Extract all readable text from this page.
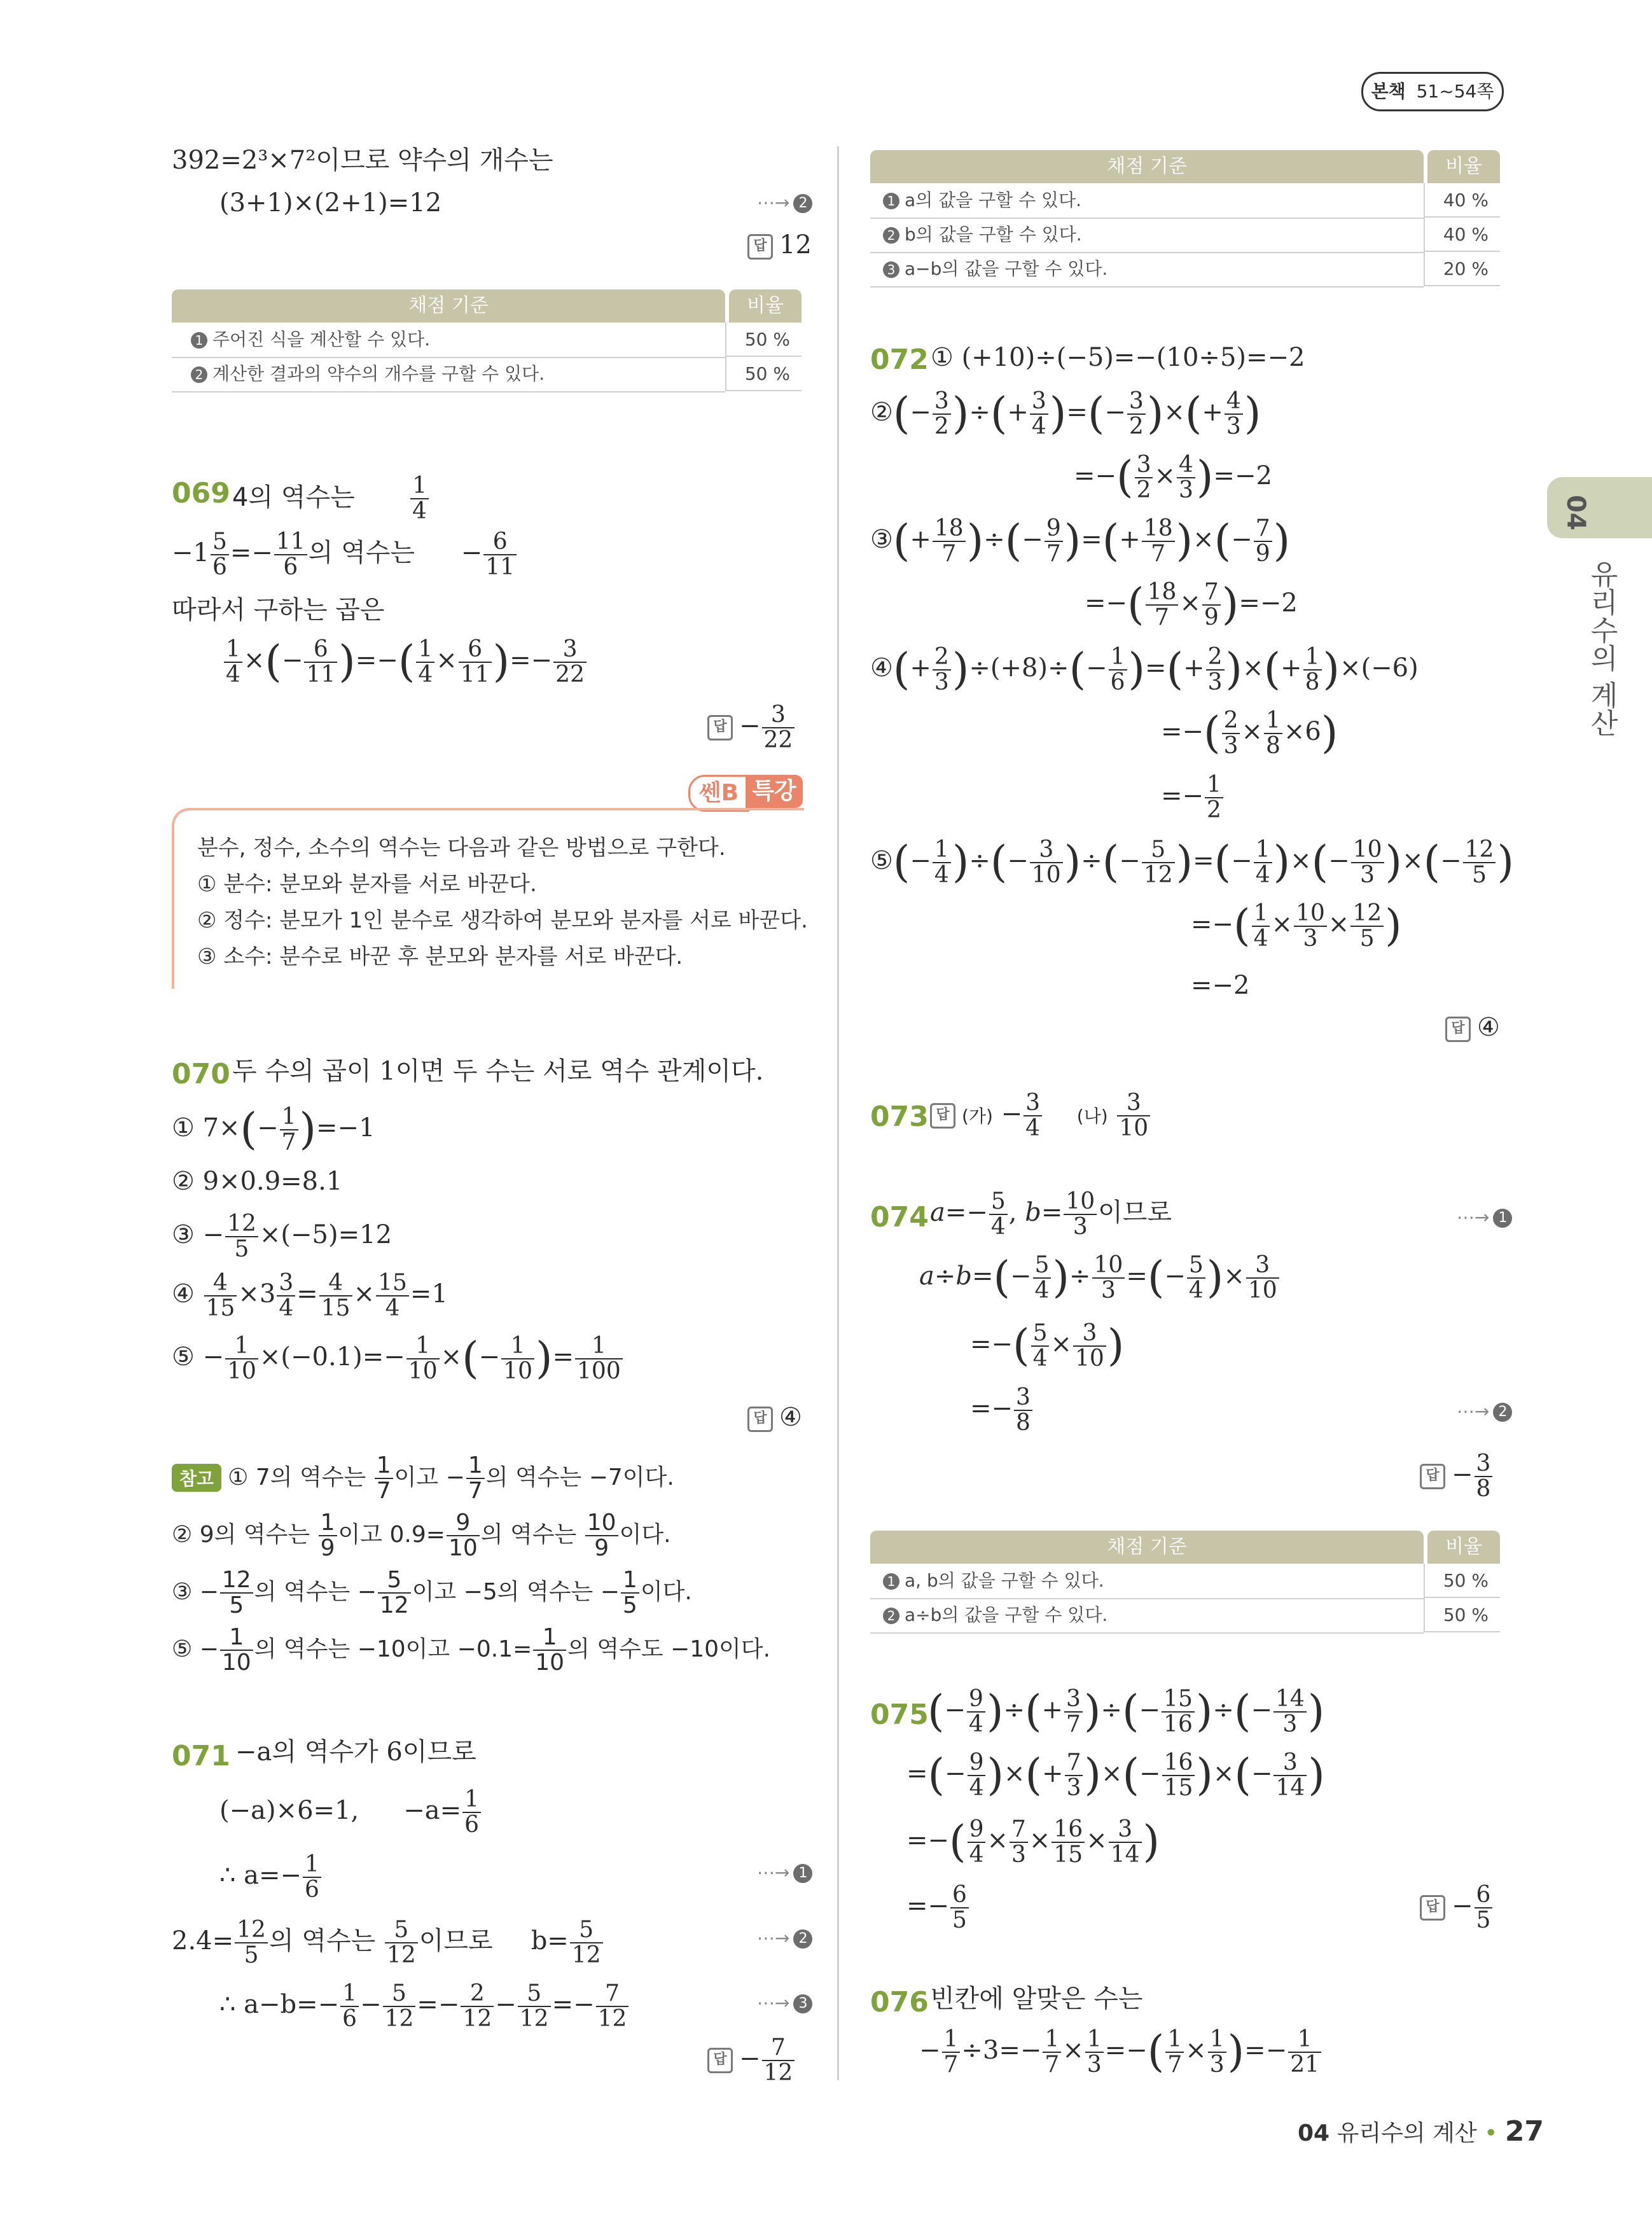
본책 51~54쪽
04
유리수의 계산
392=2³×7²이므로 약수의 개수는
(3+1)×(2+1)=12	⋯→ 2
답 12
채점 기준	비율
1 주어진 식을 계산할 수 있다.	50 %
2 계산한 결과의 약수의 개수를 구할 수 있다.	50 %
069 4의 역수는 $\frac{1}{4}$
$-1 \frac{5}{6} =- \frac{11}{6}$ 의 역수는 − $\frac{6}{11}$
따라서 구하는 곱은
$\frac{1}{4}$ ×(− $\frac{6}{11}$ )=−( $\frac{1}{4} \times \frac{6}{11}$ )=− $\frac{3}{22}$
답 − $\frac{3}{22}$
쎈B 특강
분수, 정수, 소수의 역수는 다음과 같은 방법으로 구한다.
① 분수: 분모와 분자를 서로 바꾼다.
② 정수: 분모가 1인 분수로 생각하여 분모와 분자를 서로 바꾼다.
③ 소수: 분수로 바꾼 후 분모와 분자를 서로 바꾼다.
070 두 수의 곱이 1이면 두 수는 서로 역수 관계이다.
① $7\times(- \frac{1}{7} )=-1$
② 9×0.9=8.1
③ − $\frac{12}{5} \times(-5)=12$
④ $\frac{4}{15} \times 3 \frac{3}{4} = \frac{4}{15} \times \frac{15}{4} =1$
⑤ − $\frac{1}{10} \times(-0.1)=- \frac{1}{10}$ ×(− $\frac{1}{10}$ )= $\frac{1}{100}$
답 ④
참고 ① 7의 역수는 $\frac{1}{7}$ 이고 − $\frac{1}{7}$ 의 역수는 −7이다.
② 9의 역수는 $\frac{1}{9}$ 이고 $0.9= \frac{9}{10}$ 의 역수는 $\frac{10}{9}$ 이다.
③ − $\frac{12}{5}$ 의 역수는 − $\frac{5}{12}$ 이고 −5의 역수는 − $\frac{1}{5}$ 이다.
⑤ − $\frac{1}{10}$ 의 역수는 −10이고 $-0.1= \frac{1}{10}$ 의 역수도 −10이다.
071 −a의 역수가 6이므로
(−a)×6=1, $-a= \frac{1}{6}$
∴ $a=- \frac{1}{6}$	⋯→ 1
$2.4= \frac{12}{5}$ 의 역수는 $\frac{5}{12}$ 이므로 $b= \frac{5}{12}$	⋯→ 2
∴ $a-b=- \frac{1}{6} - \frac{5}{12} =- \frac{2}{12} - \frac{5}{12} =- \frac{7}{12}$	⋯→ 3
답 − $\frac{7}{12}$
채점 기준	비율
1 a의 값을 구할 수 있다.	40 %
2 b의 값을 구할 수 있다.	40 %
3 a−b의 값을 구할 수 있다.	20 %
072 ① (+10)÷(−5)=−(10÷5)=−2
②(− $\frac{3}{2}$ )÷(+ $\frac{3}{4}$ )=(− $\frac{3}{2}$ )×(+ $\frac{4}{3}$ )
=−( $\frac{3}{2} \times \frac{4}{3} )=-2$
③(+ $\frac{18}{7}$ )÷(− $\frac{9}{7}$ )=(+ $\frac{18}{7}$ )×(− $\frac{7}{9}$ )
=−( $\frac{18}{7} \times \frac{7}{9} )=-2$
④(+ $\frac{2}{3} )\div(+8)\div(- \frac{1}{6}$ )=(+ $\frac{2}{3}$ )×(+ $\frac{1}{8} )\times(-6)$
=−( $\frac{2}{3} \times \frac{1}{8} \times 6$)
=− $\frac{1}{2}$
⑤(− $\frac{1}{4}$ )÷(− $\frac{3}{10}$ )÷(− $\frac{5}{12}$ )=(− $\frac{1}{4}$ )×(− $\frac{10}{3}$ )×(− $\frac{12}{5}$ )
=−( $\frac{1}{4} \times \frac{10}{3} \times \frac{12}{5}$ )
=−2
답 ④
073 답 (가) − $\frac{3}{4}$ (나) $\frac{3}{10}$
074 $a=- \frac{5}{4}$ , $b= \frac{10}{3}$ 이므로	⋯→ 1
$a\div b=(- \frac{5}{4}$ )÷ $\frac{10}{3}$ =(− $\frac{5}{4}$ )× $\frac{3}{10}$
=−( $\frac{5}{4} \times \frac{3}{10}$ )
=− $\frac{3}{8}$	⋯→ 2
답 − $\frac{3}{8}$
채점 기준	비율
1 a, b의 값을 구할 수 있다.	50 %
2 a÷b의 값을 구할 수 있다.	50 %
075
(− $\frac{9}{4}$ )÷(+ $\frac{3}{7}$ )÷(− $\frac{15}{16}$ )÷(− $\frac{14}{3}$ )
=(− $\frac{9}{4}$ )×(+ $\frac{7}{3}$ )×(− $\frac{16}{15}$ )×(− $\frac{3}{14}$ )
=−( $\frac{9}{4} \times \frac{7}{3} \times \frac{16}{15} \times \frac{3}{14}$ )
=− $\frac{6}{5}$	답 − $\frac{6}{5}$
076 빈칸에 알맞은 수는
− $\frac{1}{7} \div 3=- \frac{1}{7} \times \frac{1}{3}$ =−( $\frac{1}{7} \times \frac{1}{3}$ )=− $\frac{1}{21}$
04 유리수의 계산 • 27
